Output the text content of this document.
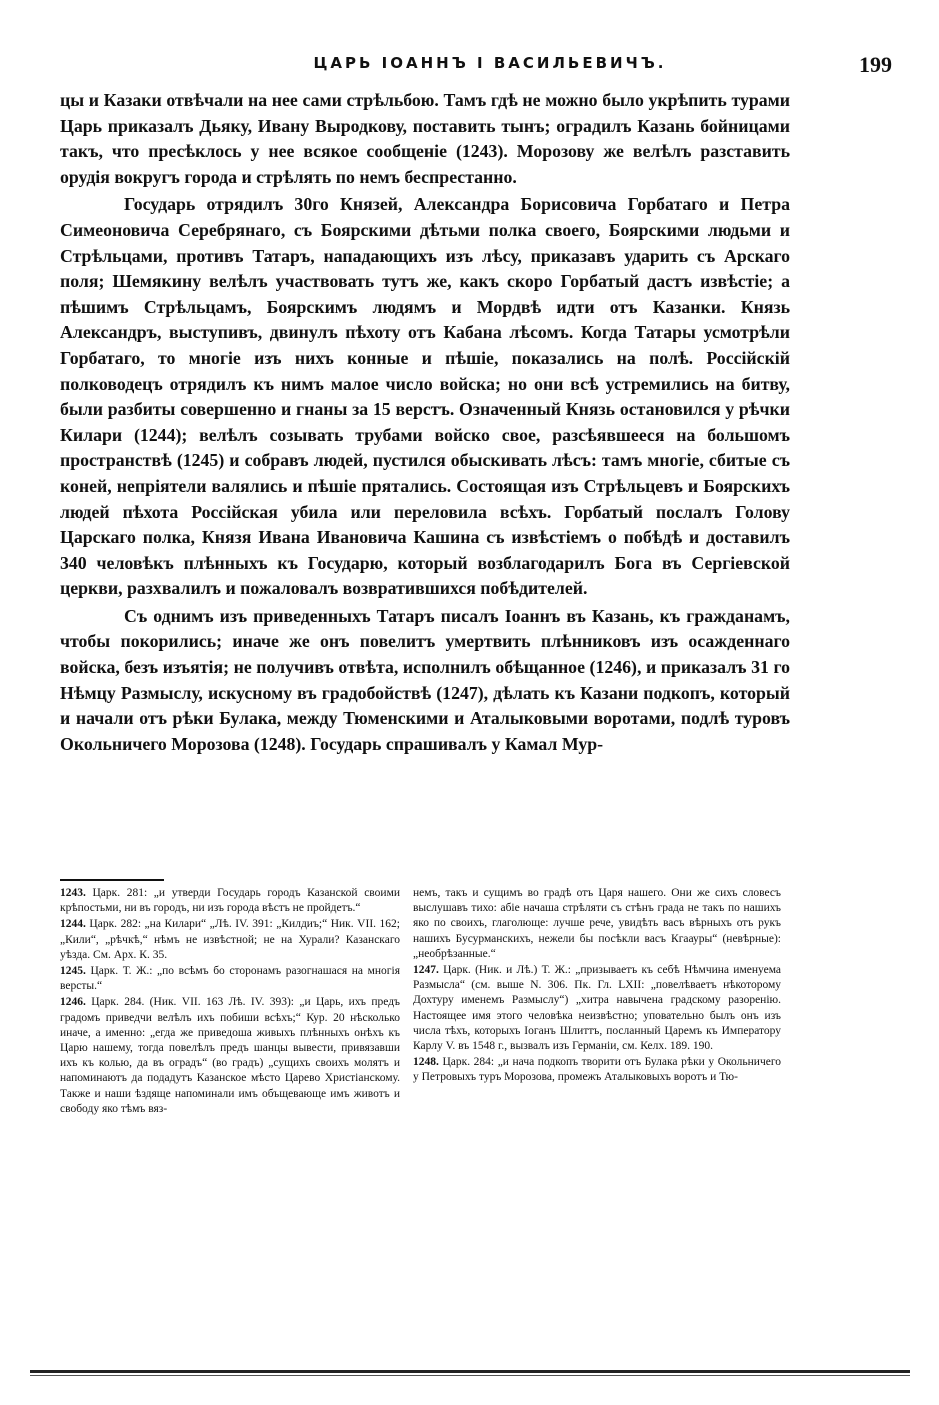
ЦАРЬ ІОАННЪ І ВАСИЛЬЕВИЧЪ.	199

цы и Казаки отвѣчали на нее сами стрѣльбою. Тамъ гдѣ не можно было укрѣпить турами Царь приказалъ Дьяку, Ивану Выродкову, поставить тынъ; оградилъ Казань бойницами такъ, что пресѣклось у нее всякое сообщеніе (1243). Морозову же велѣлъ разставить орудія вокругъ города и стрѣлять по немъ беспрестанно.

Государь отрядилъ 30го Князей, Александра Борисовича Горбатаго и Петра Симеоновича Серебрянаго, съ Боярскими дѣтьми полка своего, Боярскими людьми и Стрѣльцами, противъ Татаръ, нападающихъ изъ лѣсу, приказавъ ударить съ Арскаго поля; Шемякину велѣлъ участвовать тутъ же, какъ скоро Горбатый дастъ извѣстіе; а пѣшимъ Стрѣльцамъ, Боярскимъ людямъ и Мордвѣ идти отъ Казанки. Князь Александръ, выступивъ, двинулъ пѣхоту отъ Кабана лѣсомъ. Когда Татары усмотрѣли Горбатаго, то многіе изъ нихъ конные и пѣшіе, показались на полѣ. Россійскій полководецъ отрядилъ къ нимъ малое число войска; но они всѣ устремились на битву, были разбиты совершенно и гнаны за 15 верстъ. Означенный Князь остановился у рѣчки Килари (1244); велѣлъ созывать трубами войско свое, разсѣявшееся на большомъ пространствѣ (1245) и собравъ людей, пустился обыскивать лѣсъ: тамъ многіе, сбитые съ коней, непріятели валялись и пѣшіе прятались. Состоящая изъ Стрѣльцевъ и Боярскихъ людей пѣхота Россійская убила или переловила всѣхъ. Горбатый послалъ Голову Царскаго полка, Князя Ивана Ивановича Кашина съ извѣстіемъ о побѣдѣ и доставилъ 340 человѣкъ плѣнныхъ къ Государю, который возблагодарилъ Бога въ Сергіевской церкви, разхвалилъ и пожаловалъ возвратившихся побѣдителей.

Съ однимъ изъ приведенныхъ Татаръ писалъ Іоаннъ въ Казань, къ гражданамъ, чтобы покорились; иначе же онъ повелитъ умертвить плѣнниковъ изъ осажденнаго войска, безъ изъятія; не получивъ отвѣта, исполнилъ обѣщанное (1246), и приказалъ 31 го Нѣмцу Размыслу, искусному въ градобойствѣ (1247), дѣлать къ Казани подкопъ, который и начали отъ рѣки Булака, между Тюменскими и Аталыковыми воротами, подлѣ туровъ Окольничего Морозова (1248). Государь спрашивалъ у Камал Мур-

1243. Царк. 281: „и утверди Государь городъ Казанской своими крѣпостьми, ни въ городъ, ни изъ города вѣстъ не пройдетъ.“

1244. Царк. 282: „на Килари“ „Лѣ. IV. 391: „Килдиъ;“ Ник. VII. 162; „Кили“, „рѣчкѣ,“ нѣмъ не извѣстной; не на Хурали? Казанскаго уѣзда. См. Арх. К. 35.

1245. Царк. Т. Ж.: „по всѣмъ бо сторонамъ разогнашася на многія версты.“

1246. Царк. 284. (Ник. VII. 163 Лѣ. IV. 393): „и Царь, ихъ предъ градомъ приведчи велѣлъ ихъ побиши всѣхъ;“ Кур. 20 нѣсколько иначе, а именно: „егда же приведоша живыхъ плѣнныхъ онѣхъ къ Царю нашему, тогда повелѣлъ предъ шанцы вывести, привязавши ихъ къ колью, да въ оградъ“ (во градъ) „сущихъ своихъ молятъ и напоминаютъ да подадутъ Казанское мѣсто Царево Христіанскому. Также и наши ѣздяще напоминали имъ объщевающе имъ животъ и свободу яко тѣмъ вяз-

немъ, такъ и сущимъ во градѣ отъ Царя нашего. Они же сихъ словесъ выслушавъ тихо: абіе начаша стрѣляти съ стѣнъ града не такъ по нашихъ яко по своихъ, глаголюще: лучше рече, увидѣть васъ вѣрныхъ отъ рукъ нашихъ Бусурманскихъ, нежели бы посѣкли васъ Кгаауры“ (невѣрные): „необрѣзанные.“

1247. Царк. (Ник. и Лѣ.) Т. Ж.: „призываетъ къ себѣ Нѣмчина именуема Размысла“ (см. выше N. 306. Пк. Гл. LXII: „повелѣваетъ нѣкоторому Дохтуру именемъ Размыслу“) „хитра навычена градскому разоренію. Настоящее имя этого человѣка неизвѣстно; уповательно былъ онъ изъ числа тѣхъ, которыхъ Іоганъ Шлиттъ, посланный Царемъ къ Императору Карлу V. въ 1548 г., вызвалъ изъ Германіи, см. Келх. 189. 190.

1248. Царк. 284: „и нача подкопъ творити отъ Булака рѣки у Окольничего у Петровыхъ туръ Морозова, промежъ Аталыковыхъ воротъ и Тю-
